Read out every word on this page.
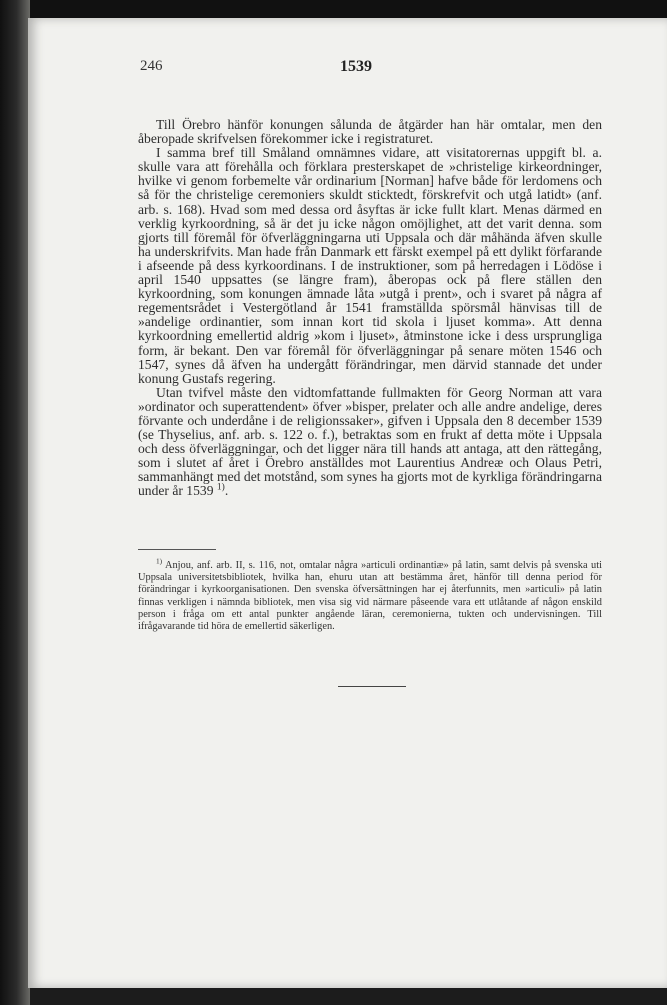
246	1539

Till Örebro hänför konungen sålunda de åtgärder han här omtalar, men den åberopade skrifvelsen förekommer icke i registraturet.

I samma bref till Småland omnämnes vidare, att visitatorernas uppgift bl. a. skulle vara att förehålla och förklara presterskapet de »christelige kirkeordninger, hvilke vi genom forbemelte vår ordinarium [Norman] hafve både för lerdomens och så för the christelige ceremoniers skuldt sticktedt, förskrefvit och utgå latidt» (anf. arb. s. 168). Hvad som med dessa ord åsyftas är icke fullt klart. Menas därmed en verklig kyrkoordning, så är det ju icke någon omöjlighet, att det varit denna. som gjorts till föremål för öfverläggningarna uti Uppsala och där måhända äfven skulle ha underskrifvits. Man hade från Danmark ett färskt exempel på ett dylikt förfarande i afseende på dess kyrkoordinans. I de instruktioner, som på herredagen i Lödöse i april 1540 uppsattes (se längre fram), åberopas ock på flere ställen den kyrkoordning, som konungen ämnade låta »utgå i prent», och i svaret på några af regementsrådet i Vestergötland år 1541 framställda spörsmål hänvisas till de »andelige ordinantier, som innan kort tid skola i ljuset komma». Att denna kyrkoordning emellertid aldrig »kom i ljuset», åtminstone icke i dess ursprungliga form, är bekant. Den var föremål för öfverläggningar på senare möten 1546 och 1547, synes då äfven ha undergått förändringar, men därvid stannade det under konung Gustafs regering.

Utan tvifvel måste den vidtomfattande fullmakten för Georg Norman att vara »ordinator och superattendent» öfver »bisper, prelater och alle andre andelige, deres förvante och underdåne i de religionssaker», gifven i Uppsala den 8 december 1539 (se Thyselius, anf. arb. s. 122 o. f.), betraktas som en frukt af detta möte i Uppsala och dess öfverläggningar, och det ligger nära till hands att antaga, att den rättegång, som i slutet af året i Örebro anställdes mot Laurentius Andreæ och Olaus Petri, sammanhängt med det motstånd, som synes ha gjorts mot de kyrkliga förändringarna under år 1539 $^{1)}$.

$^{1)}$ Anjou, anf. arb. II, s. 116, not, omtalar några »articuli ordinantiæ» på latin, samt delvis på svenska uti Uppsala universitetsbibliotek, hvilka han, ehuru utan att bestämma året, hänför till denna period för förändringar i kyrkoorganisationen. Den svenska öfversättningen har ej återfunnits, men »articuli» på latin finnas verkligen i nämnda bibliotek, men visa sig vid närmare påseende vara ett utlåtande af någon enskild person i fråga om ett antal punkter angående läran, ceremonierna, tukten och undervisningen. Till ifrågavarande tid höra de emellertid säkerligen.
